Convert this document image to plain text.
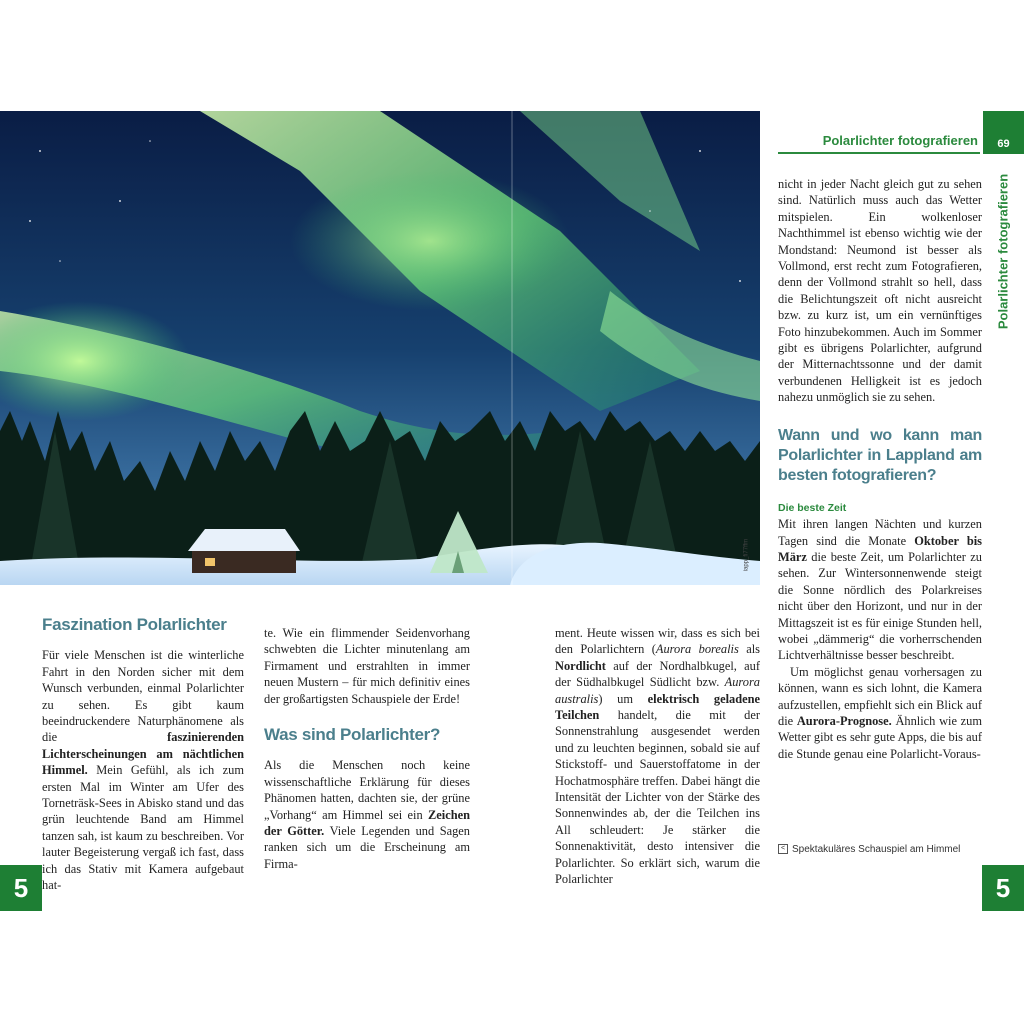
iapp_fi77ffm
Polarlichter fotografieren	69
Polarlichter fotografieren

Faszination Polarlichter

Für viele Menschen ist die winterliche Fahrt in den Norden sicher mit dem Wunsch verbunden, einmal Polarlichter zu sehen. Es gibt kaum beeindruckendere Naturphänomene als die faszinierenden Lichterscheinungen am nächtlichen Himmel. Mein Gefühl, als ich zum ersten Mal im Winter am Ufer des Torneträsk-Sees in Abisko stand und das grün leuchtende Band am Himmel tanzen sah, ist kaum zu beschreiben. Vor lauter Begeisterung vergaß ich fast, dass ich das Stativ mit Kamera aufgebaut hat-

te. Wie ein flimmender Seidenvorhang schwebten die Lichter minutenlang am Firmament und erstrahlten in immer neuen Mustern – für mich definitiv eines der großartigsten Schauspiele der Erde!

Was sind Polarlichter?

Als die Menschen noch keine wissenschaftliche Erklärung für dieses Phänomen hatten, dachten sie, der grüne „Vorhang“ am Himmel sei ein Zeichen der Götter. Viele Legenden und Sagen ranken sich um die Erscheinung am Firma-

ment. Heute wissen wir, dass es sich bei den Polarlichtern (Aurora borealis als Nordlicht auf der Nordhalbkugel, auf der Südhalbkugel Südlicht bzw. Aurora australis) um elektrisch geladene Teilchen handelt, die mit der Sonnenstrahlung ausgesendet werden und zu leuchten beginnen, sobald sie auf Stickstoff- und Sauerstoffatome in der Hochatmosphäre treffen. Dabei hängt die Intensität der Lichter von der Stärke des Sonnenwindes ab, der die Teilchen ins All schleudert: Je stärker die Sonnenaktivität, desto intensiver die Polarlichter. So erklärt sich, warum die Polarlichter

nicht in jeder Nacht gleich gut zu sehen sind. Natürlich muss auch das Wetter mitspielen. Ein wolkenloser Nachthimmel ist ebenso wichtig wie der Mondstand: Neumond ist besser als Vollmond, erst recht zum Fotografieren, denn der Vollmond strahlt so hell, dass die Belichtungszeit oft nicht ausreicht bzw. zu kurz ist, um ein vernünftiges Foto hinzubekommen. Auch im Sommer gibt es übrigens Polarlichter, aufgrund der Mitternachtssonne und der damit verbundenen Helligkeit ist es jedoch nahezu unmöglich sie zu sehen.

Wann und wo kann man Polarlichter in Lappland am besten fotografieren?

Die beste Zeit

Mit ihren langen Nächten und kurzen Tagen sind die Monate Oktober bis März die beste Zeit, um Polarlichter zu sehen. Zur Wintersonnenwende steigt die Sonne nördlich des Polarkreises nicht über den Horizont, und nur in der Mittagszeit ist es für einige Stunden hell, wobei „dämmerig“ die vorherrschenden Lichtverhältnisse besser beschreibt.

Um möglichst genau vorhersagen zu können, wann es sich lohnt, die Kamera aufzustellen, empfiehlt sich ein Blick auf die Aurora-Prognose. Ähnlich wie zum Wetter gibt es sehr gute Apps, die bis auf die Stunde genau eine Polarlicht-Voraus-

< Spektakuläres Schauspiel am Himmel
5	5
